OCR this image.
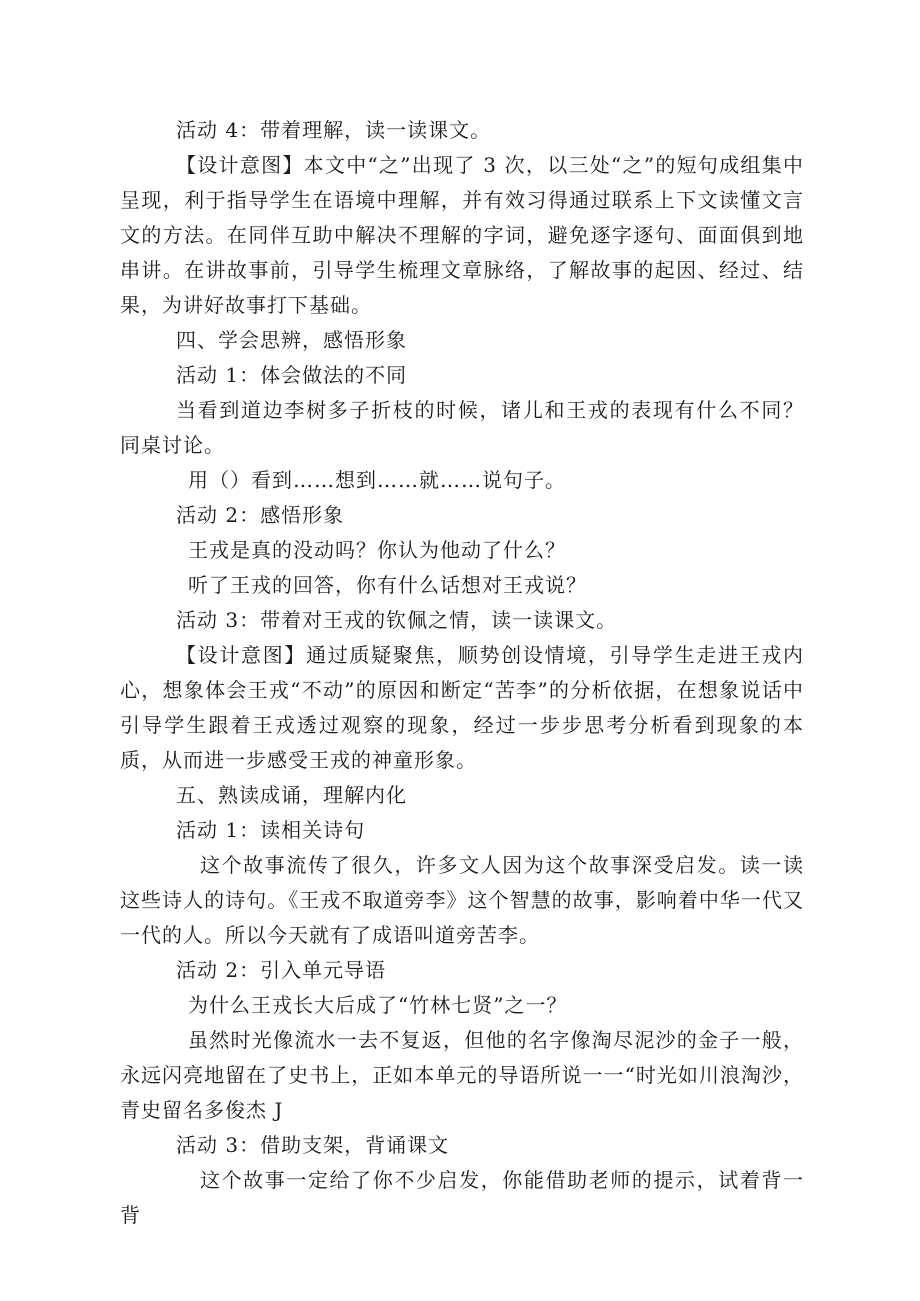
活动 4：带着理解，读一读课文。

【设计意图】本文中“之”出现了 3 次，以三处“之”的短句成组集中呈现，利于指导学生在语境中理解，并有效习得通过联系上下文读懂文言文的方法。在同伴互助中解决不理解的字词，避免逐字逐句、面面俱到地串讲。在讲故事前，引导学生梳理文章脉络，了解故事的起因、经过、结果，为讲好故事打下基础。

四、学会思辨，感悟形象

活动 1：体会做法的不同

当看到道边李树多子折枝的时候，诸儿和王戎的表现有什么不同？同桌讨论。

用（）看到……想到……就……说句子。

活动 2：感悟形象

王戎是真的没动吗？你认为他动了什么？

听了王戎的回答，你有什么话想对王戎说？

活动 3：带着对王戎的钦佩之情，读一读课文。

【设计意图】通过质疑聚焦，顺势创设情境，引导学生走进王戎内心，想象体会王戎“不动”的原因和断定“苦李”的分析依据，在想象说话中引导学生跟着王戎透过观察的现象，经过一步步思考分析看到现象的本质，从而进一步感受王戎的神童形象。

五、熟读成诵，理解内化

活动 1：读相关诗句

这个故事流传了很久，许多文人因为这个故事深受启发。读一读这些诗人的诗句。《王戎不取道旁李》这个智慧的故事，影响着中华一代又一代的人。所以今天就有了成语叫道旁苦李。

活动 2：引入单元导语

为什么王戎长大后成了“竹林七贤”之一？

虽然时光像流水一去不复返，但他的名字像淘尽泥沙的金子一般，永远闪亮地留在了史书上，正如本单元的导语所说一一“时光如川浪淘沙，青史留名多俊杰 J

活动 3：借助支架，背诵课文

这个故事一定给了你不少启发，你能借助老师的提示，试着背一背
